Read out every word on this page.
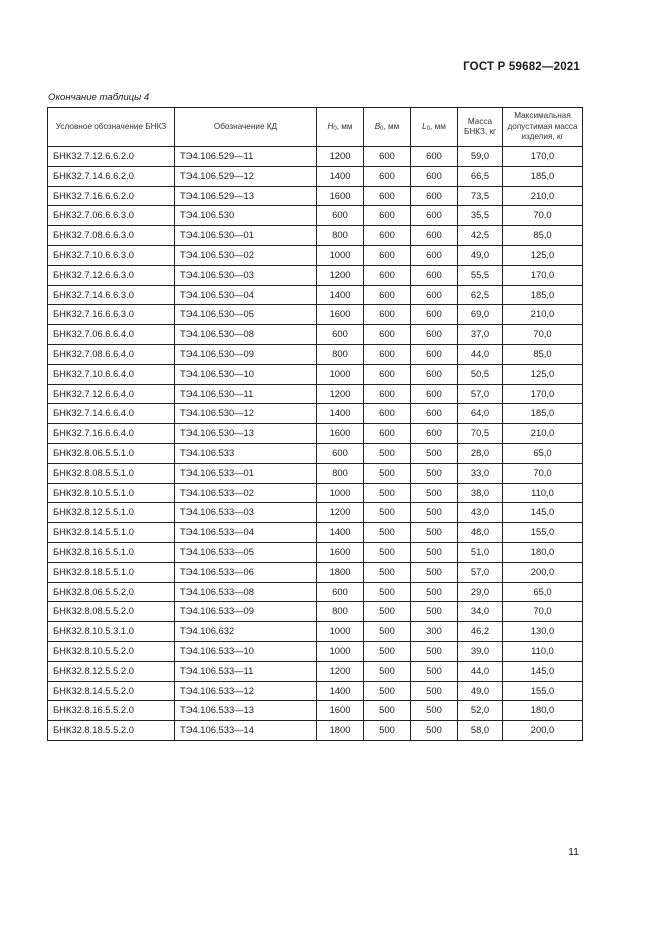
ГОСТ Р 59682—2021
Окончание таблицы 4
Условное обозначение БНКЗ	Обозначение КД	$H_0$, мм	$B_0$, мм	$L_0$, мм	Масса БНКЗ, кг	Максимальная допустимая масса изделия, кг
БНК32.7.12.6.6.2.0	ТЭ4.106.529—11	1200	600	600	59,0	170,0
БНК32.7.14.6.6.2.0	ТЭ4.106.529—12	1400	600	600	66,5	185,0
БНК32.7.16.6.6.2.0	ТЭ4.106.529—13	1600	600	600	73,5	210,0
БНК32.7.06.6.6.3.0	ТЭ4.106.530	600	600	600	35,5	70,0
БНК32.7.08.6.6.3.0	ТЭ4.106.530—01	800	600	600	42,5	85,0
БНК32.7.10.6.6.3.0	ТЭ4.106.530—02	1000	600	600	49,0	125,0
БНК32.7.12.6.6.3.0	ТЭ4.106.530—03	1200	600	600	55,5	170,0
БНК32.7.14.6.6.3.0	ТЭ4.106.530—04	1400	600	600	62,5	185,0
БНК32.7.16.6.6.3.0	ТЭ4.106.530—05	1600	600	600	69,0	210,0
БНК32.7.06.6.6.4.0	ТЭ4.106.530—08	600	600	600	37,0	70,0
БНК32.7.08.6.6.4.0	ТЭ4.106.530—09	800	600	600	44,0	85,0
БНК32.7.10.6.6.4.0	ТЭ4.106.530—10	1000	600	600	50,5	125,0
БНК32.7.12.6.6.4.0	ТЭ4.106.530—11	1200	600	600	57,0	170,0
БНК32.7.14.6.6.4.0	ТЭ4.106.530—12	1400	600	600	64,0	185,0
БНК32.7.16.6.6.4.0	ТЭ4.106.530—13	1600	600	600	70,5	210,0
БНК32.8.06.5.5.1.0	ТЭ4.106.533	600	500	500	28,0	65,0
БНК32.8.08.5.5.1.0	ТЭ4.106.533—01	800	500	500	33,0	70,0
БНК32.8.10.5.5.1.0	ТЭ4.106.533—02	1000	500	500	38,0	110,0
БНК32.8.12.5.5.1.0	ТЭ4.106.533—03	1200	500	500	43,0	145,0
БНК32.8.14.5.5.1.0	ТЭ4.106.533—04	1400	500	500	48,0	155,0
БНК32.8.16.5.5.1.0	ТЭ4.106.533—05	1600	500	500	51,0	180,0
БНК32.8.18.5.5.1.0	ТЭ4.106.533—06	1800	500	500	57,0	200,0
БНК32.8.06.5.5.2.0	ТЭ4.106.533—08	600	500	500	29,0	65,0
БНК32.8.08.5.5.2.0	ТЭ4.106.533—09	800	500	500	34,0	70,0
БНК32.8.10.5.3.1.0	ТЭ4.106.632	1000	500	300	46,2	130,0
БНК32.8.10.5.5.2.0	ТЭ4.106.533—10	1000	500	500	39,0	110,0
БНК32.8.12.5.5.2.0	ТЭ4.106.533—11	1200	500	500	44,0	145,0
БНК32.8.14.5.5.2.0	ТЭ4.106.533—12	1400	500	500	49,0	155,0
БНК32.8.16.5.5.2.0	ТЭ4.106.533—13	1600	500	500	52,0	180,0
БНК32.8.18.5.5.2.0	ТЭ4.106.533—14	1800	500	500	58,0	200,0
11
